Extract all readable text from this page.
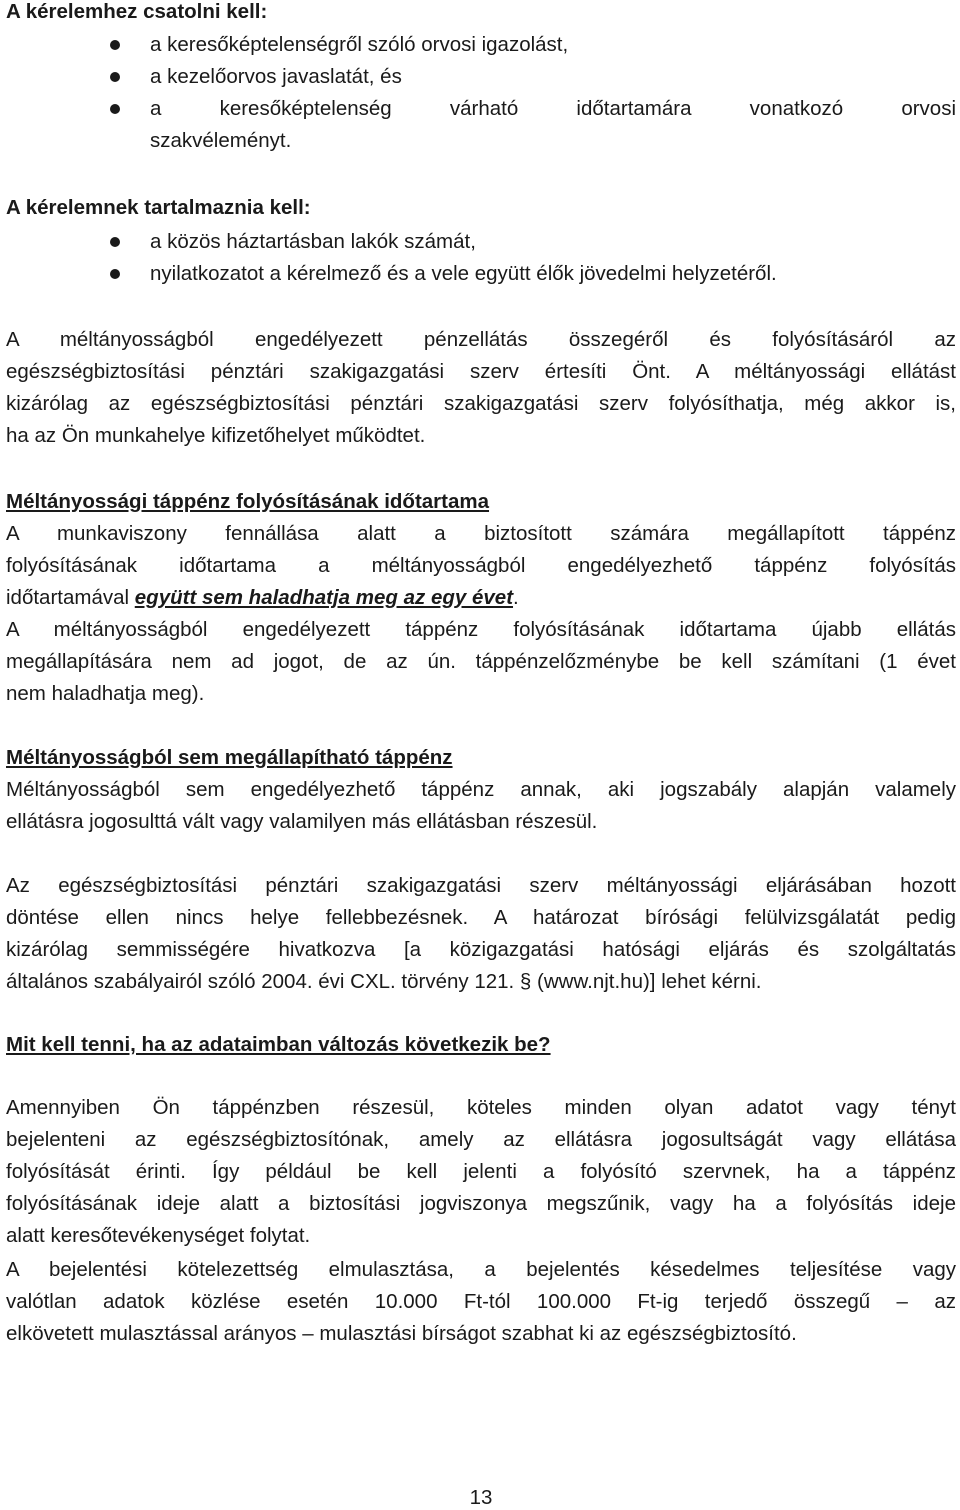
A kérelemhez csatolni kell:
a keresőképtelenségről szóló orvosi igazolást,
a kezelőorvos javaslatát, és
a keresőképtelenség várható időtartamára vonatkozó orvosi
szakvéleményt.
A kérelemnek tartalmaznia kell:
a közös háztartásban lakók számát,
nyilatkozatot a kérelmező és a vele együtt élők jövedelmi helyzetéről.
A méltányosságból engedélyezett pénzellátás összegéről és folyósításáról az
egészségbiztosítási pénztári szakigazgatási szerv értesíti Önt. A méltányossági ellátást
kizárólag az egészségbiztosítási pénztári szakigazgatási szerv folyósíthatja, még akkor is,
ha az Ön munkahelye kifizetőhelyet működtet.
Méltányossági táppénz folyósításának időtartama
A munkaviszony fennállása alatt a biztosított számára megállapított táppénz
folyósításának időtartama a méltányosságból engedélyezhető táppénz folyósítás
időtartamával együtt sem haladhatja meg az egy évet.
A méltányosságból engedélyezett táppénz folyósításának időtartama újabb ellátás
megállapítására nem ad jogot, de az ún. táppénzelőzménybe be kell számítani (1 évet
nem haladhatja meg).
Méltányosságból sem megállapítható táppénz
Méltányosságból sem engedélyezhető táppénz annak, aki jogszabály alapján valamely
ellátásra jogosulttá vált vagy valamilyen más ellátásban részesül.
Az egészségbiztosítási pénztári szakigazgatási szerv méltányossági eljárásában hozott
döntése ellen nincs helye fellebbezésnek. A határozat bírósági felülvizsgálatát pedig
kizárólag semmisségére hivatkozva [a közigazgatási hatósági eljárás és szolgáltatás
általános szabályairól szóló 2004. évi CXL. törvény 121. § (www.njt.hu)] lehet kérni.
Mit kell tenni, ha az adataimban változás következik be?
Amennyiben Ön táppénzben részesül, köteles minden olyan adatot vagy tényt
bejelenteni az egészségbiztosítónak, amely az ellátásra jogosultságát vagy ellátása
folyósítását érinti. Így például be kell jelenti a folyósító szervnek, ha a táppénz
folyósításának ideje alatt a biztosítási jogviszonya megszűnik, vagy ha a folyósítás ideje
alatt keresőtevékenységet folytat.
A bejelentési kötelezettség elmulasztása, a bejelentés késedelmes teljesítése vagy
valótlan adatok közlése esetén 10.000 Ft-tól 100.000 Ft-ig terjedő összegű – az
elkövetett mulasztással arányos – mulasztási bírságot szabhat ki az egészségbiztosító.
13
